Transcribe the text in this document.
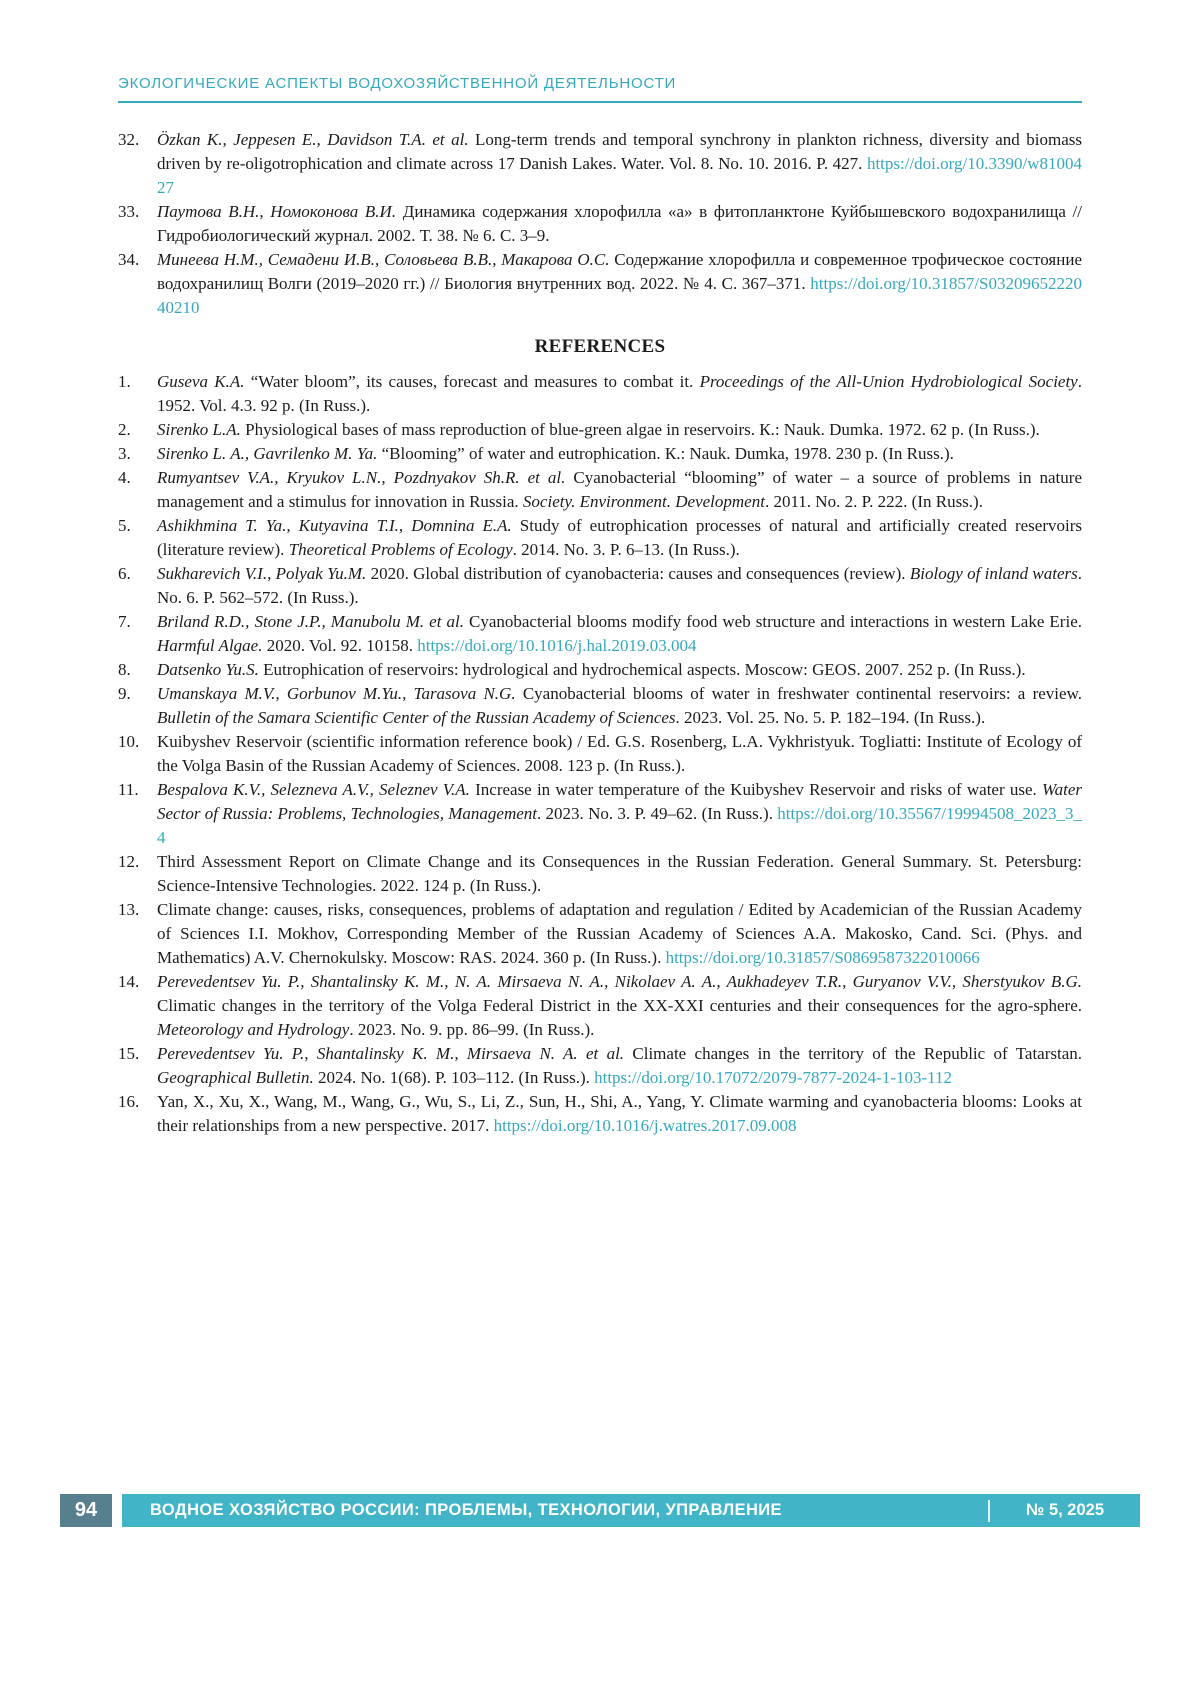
ЭКОЛОГИЧЕСКИЕ АСПЕКТЫ ВОДОХОЗЯЙСТВЕННОЙ ДЕЯТЕЛЬНОСТИ
32.	Özkan K., Jeppesen E., Davidson T.A. et al. Long-term trends and temporal synchrony in plankton richness, diversity and biomass driven by re-oligotrophication and climate across 17 Danish Lakes. Water. Vol. 8. No. 10. 2016. P. 427. https://doi.org/10.3390/w8100427
33.	Паутова В.Н., Номоконова В.И. Динамика содержания хлорофилла «а» в фитопланктоне Куйбышевского водохранилища // Гидробиологический журнал. 2002. Т. 38. № 6. С. 3–9.
34.	Минеева Н.М., Семадени И.В., Соловьева В.В., Макарова О.С. Содержание хлорофилла и современное трофическое состояние водохранилищ Волги (2019–2020 гг.) // Биология внутренних вод. 2022. № 4. С. 367–371. https://doi.org/10.31857/S0320965222040210
REFERENCES
1.	Guseva K.A. “Water bloom”, its causes, forecast and measures to combat it. Proceedings of the All-Union Hydrobiological Society. 1952. Vol. 4.3. 92 p. (In Russ.).
2.	Sirenko L.A. Physiological bases of mass reproduction of blue-green algae in reservoirs. К.: Nauk. Dumka. 1972. 62 p. (In Russ.).
3.	Sirenko L. A., Gavrilenko M. Ya. “Blooming” of water and eutrophication. К.: Nauk. Dumka, 1978. 230 p. (In Russ.).
4.	Rumyantsev V.A., Kryukov L.N., Pozdnyakov Sh.R. et al. Cyanobacterial “blooming” of water – a source of problems in nature management and a stimulus for innovation in Russia. Society. Environment. Development. 2011. No. 2. P. 222. (In Russ.).
5.	Ashikhmina T. Ya., Kutyavina T.I., Domnina E.A. Study of eutrophication processes of natural and artificially created reservoirs (literature review). Theoretical Problems of Ecology. 2014. No. 3. P. 6–13. (In Russ.).
6.	Sukharevich V.I., Polyak Yu.M. 2020. Global distribution of cyanobacteria: causes and consequences (review). Biology of inland waters. No. 6. P. 562–572. (In Russ.).
7.	Briland R.D., Stone J.P., Manubolu M. et al. Cyanobacterial blooms modify food web structure and interactions in western Lake Erie. Harmful Algae. 2020. Vol. 92. 10158. https://doi.org/10.1016/j.hal.2019.03.004
8.	Datsenko Yu.S. Eutrophication of reservoirs: hydrological and hydrochemical aspects. Moscow: GEOS. 2007. 252 p. (In Russ.).
9.	Umanskaya M.V., Gorbunov M.Yu., Tarasova N.G. Cyanobacterial blooms of water in freshwater continental reservoirs: a review. Bulletin of the Samara Scientific Center of the Russian Academy of Sciences. 2023. Vol. 25. No. 5. P. 182–194. (In Russ.).
10.	Kuibyshev Reservoir (scientific information reference book) / Ed. G.S. Rosenberg, L.A. Vykhristyuk. Togliatti: Institute of Ecology of the Volga Basin of the Russian Academy of Sciences. 2008. 123 p. (In Russ.).
11.	Bespalova K.V., Selezneva A.V., Seleznev V.A. Increase in water temperature of the Kuibyshev Reservoir and risks of water use. Water Sector of Russia: Problems, Technologies, Management. 2023. No. 3. P. 49–62. (In Russ.). https://doi.org/10.35567/19994508_2023_3_4
12.	Third Assessment Report on Climate Change and its Consequences in the Russian Federation. General Summary. St. Petersburg: Science-Intensive Technologies. 2022. 124 p. (In Russ.).
13.	Climate change: causes, risks, consequences, problems of adaptation and regulation / Edited by Academician of the Russian Academy of Sciences I.I. Mokhov, Corresponding Member of the Russian Academy of Sciences A.A. Makosko, Cand. Sci. (Phys. and Mathematics) A.V. Chernokulsky. Moscow: RAS. 2024. 360 p. (In Russ.). https://doi.org/10.31857/S0869587322010066
14.	Perevedentsev Yu. P., Shantalinsky K. M., N. A. Mirsaeva N. A., Nikolaev A. A., Aukhadeyev T.R., Guryanov V.V., Sherstyukov B.G. Climatic changes in the territory of the Volga Federal District in the XX-XXI centuries and their consequences for the agro-sphere. Meteorology and Hydrology. 2023. No. 9. pp. 86–99. (In Russ.).
15.	Perevedentsev Yu. P., Shantalinsky K. M., Mirsaeva N. A. et al. Climate changes in the territory of the Republic of Tatarstan. Geographical Bulletin. 2024. No. 1(68). P. 103–112. (In Russ.). https://doi.org/10.17072/2079-7877-2024-1-103-112
16.	Yan, X., Xu, X., Wang, M., Wang, G., Wu, S., Li, Z., Sun, H., Shi, A., Yang, Y. Climate warming and cyanobacteria blooms: Looks at their relationships from a new perspective. 2017. https://doi.org/10.1016/j.watres.2017.09.008
94	ВОДНОЕ ХОЗЯЙСТВО РОССИИ: ПРОБЛЕМЫ, ТЕХНОЛОГИИ, УПРАВЛЕНИЕ	№ 5, 2025
